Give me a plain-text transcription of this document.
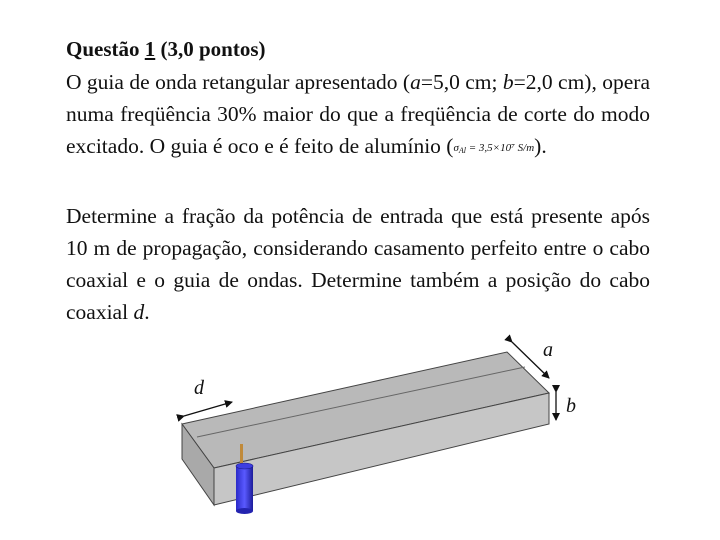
Questão 1 (3,0 pontos)
O guia de onda retangular apresentado (a=5,0 cm; b=2,0 cm), opera numa freqüência 30% maior do que a freqüência de corte do modo excitado. O guia é oco e é feito de alumínio ($\sigma_{Al} = 3,5\times 10^7$ S/m).
Determine a fração da potência de entrada que está presente após 10 m de propagação, considerando casamento perfeito entre o cabo coaxial e o guia de ondas. Determine também a posição do cabo coaxial d.
d
a
b
